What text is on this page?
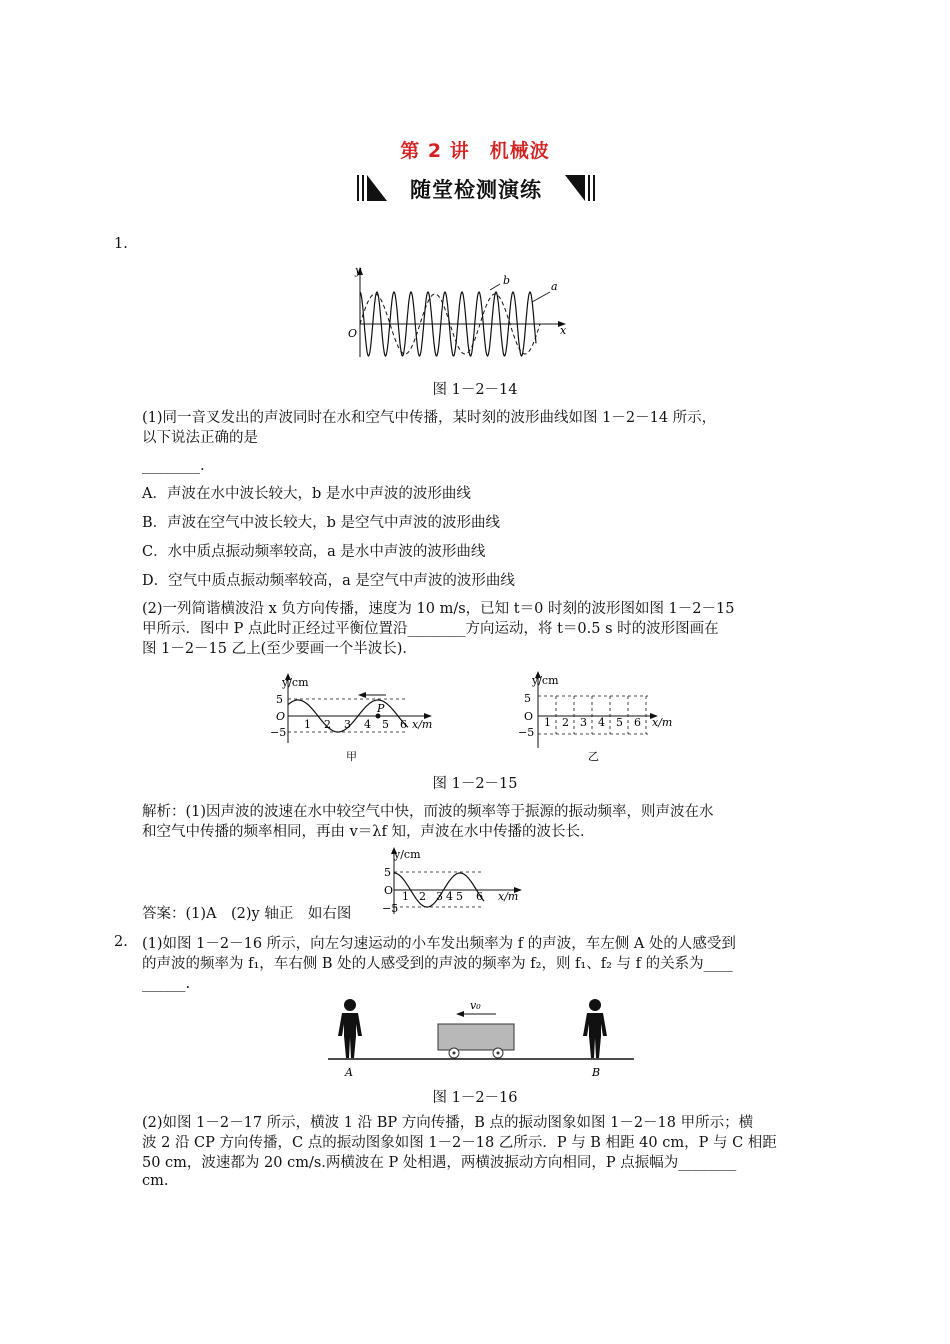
第 2 讲　机械波
随堂检测演练
1.
y
x
O
b	a
图 1－2－14
(1)同一音叉发出的声波同时在水和空气中传播，某时刻的波形曲线如图 1－2－14 所示，
以下说法正确的是
________.
A．声波在水中波长较大，b 是水中声波的波形曲线
B．声波在空气中波长较大，b 是空气中声波的波形曲线
C．水中质点振动频率较高，a 是水中声波的波形曲线
D．空气中质点振动频率较高，a 是空气中声波的波形曲线
(2)一列简谐横波沿 x 负方向传播，速度为 10 m/s，已知 t＝0 时刻的波形图如图 1－2－15
甲所示．图中 P 点此时正经过平衡位置沿________方向运动，将 t＝0.5 s 时的波形图画在
图 1－2－15 乙上(至少要画一个半波长)．
y/cm
x/m
5
O
−5
1 2 3 4 5 6
P
甲
y/cm
x/m
5
O
−5
1 2 3 4 5 6
乙
图 1－2－15
解析：(1)因声波的波速在水中较空气中快，而波的频率等于振源的振动频率，则声波在水
和空气中传播的频率相同，再由 v＝λf 知，声波在水中传播的波长长．
y/cm
x/m
5
O
−5
1 2 3 4 5 6
答案：(1)A　(2)y 轴正　如右图
2. (1)如图 1－2－16 所示，向左匀速运动的小车发出频率为 f 的声波，车左侧 A 处的人感受到
的声波的频率为 f₁，车右侧 B 处的人感受到的声波的频率为 f₂，则 f₁、f₂ 与 f 的关系为____
______.
v₀
A	B
图 1－2－16
(2)如图 1－2－17 所示，横波 1 沿 BP 方向传播，B 点的振动图象如图 1－2－18 甲所示；横
波 2 沿 CP 方向传播，C 点的振动图象如图 1－2－18 乙所示．P 与 B 相距 40 cm，P 与 C 相距
50 cm，波速都为 20 cm/s.两横波在 P 处相遇，两横波振动方向相同，P 点振幅为________
cm.
